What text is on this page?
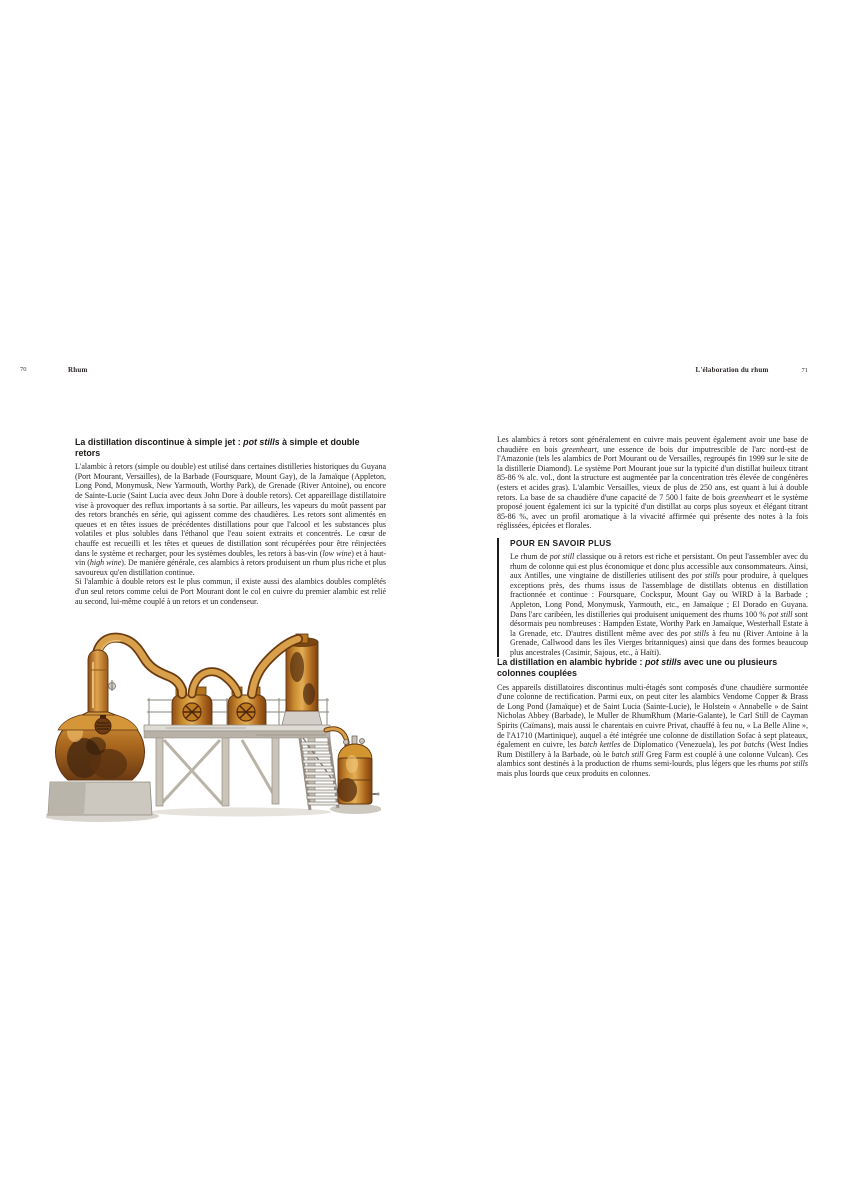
70	Rhum	L'élaboration du rhum	71
La distillation discontinue à simple jet : pot stills à simple et double retors

L'alambic à retors (simple ou double) est utilisé dans certaines distilleries historiques du Guyana (Port Mourant, Versailles), de la Barbade (Foursquare, Mount Gay), de la Jamaïque (Appleton, Long Pond, Monymusk, New Yarmouth, Worthy Park), de Grenade (River Antoine), ou encore de Sainte-Lucie (Saint Lucia avec deux John Dore à double retors). Cet appareillage distillatoire vise à provoquer des reflux importants à sa sortie. Par ailleurs, les vapeurs du moût passent par des retors branchés en série, qui agissent comme des chaudières. Les retors sont alimentés en queues et en têtes issues de précédentes distillations pour que l'alcool et les substances plus volatiles et plus solubles dans l'éthanol que l'eau soient extraits et concentrés. Le cœur de chauffe est recueilli et les têtes et queues de distillation sont récupérées pour être réinjectées dans le système et recharger, pour les systèmes doubles, les retors à bas-vin (low wine) et à haut-vin (high wine). De manière générale, ces alambics à retors produisent un rhum plus riche et plus savoureux qu'en distillation continue.

Si l'alambic à double retors est le plus commun, il existe aussi des alambics doubles complétés d'un seul retors comme celui de Port Mourant dont le col en cuivre du premier alambic est relié au second, lui-même couplé à un retors et un condenseur.

Les alambics à retors sont généralement en cuivre mais peuvent également avoir une base de chaudière en bois greenheart, une essence de bois dur imputrescible de l'arc nord-est de l'Amazonie (tels les alambics de Port Mourant ou de Versailles, regroupés fin 1999 sur le site de la distillerie Diamond). Le système Port Mourant joue sur la typicité d'un distillat huileux titrant 85-86 % alc. vol., dont la structure est augmentée par la concentration très élevée de congénères (esters et acides gras). L'alambic Versailles, vieux de plus de 250 ans, est quant à lui à double retors. La base de sa chaudière d'une capacité de 7 500 l faite de bois greenheart et le système proposé jouent également ici sur la typicité d'un distillat au corps plus soyeux et élégant titrant 85-86 %, avec un profil aromatique à la vivacité affirmée qui présente des notes à la fois réglissées, épicées et florales.

POUR EN SAVOIR PLUS

Le rhum de pot still classique ou à retors est riche et persistant. On peut l'assembler avec du rhum de colonne qui est plus économique et donc plus accessible aux consommateurs. Ainsi, aux Antilles, une vingtaine de distilleries utilisent des pot stills pour produire, à quelques exceptions près, des rhums issus de l'assemblage de distillats obtenus en distillation fractionnée et continue : Foursquare, Cockspur, Mount Gay ou WIRD à la Barbade ; Appleton, Long Pond, Monymusk, Yarmouth, etc., en Jamaïque ; El Dorado en Guyana. Dans l'arc caribéen, les distilleries qui produisent uniquement des rhums 100 % pot still sont désormais peu nombreuses : Hampden Estate, Worthy Park en Jamaïque, Westerhall Estate à la Grenade, etc. D'autres distillent même avec des pot stills à feu nu (River Antoine à la Grenade, Callwood dans les îles Vierges britanniques) ainsi que dans des formes beaucoup plus ancestrales (Casimir, Sajous, etc., à Haïti).

La distillation en alambic hybride : pot stills avec une ou plusieurs colonnes couplées

Ces appareils distillatoires discontinus multi-étagés sont composés d'une chaudière surmontée d'une colonne de rectification. Parmi eux, on peut citer les alambics Vendome Copper & Brass de Long Pond (Jamaïque) et de Saint Lucia (Sainte-Lucie), le Holstein « Annabelle » de Saint Nicholas Abbey (Barbade), le Muller de RhumRhum (Marie-Galante), le Carl Still de Cayman Spirits (Caïmans), mais aussi le charentais en cuivre Privat, chauffé à feu nu, « La Belle Aline », de l'A1710 (Martinique), auquel a été intégrée une colonne de distillation Sofac à sept plateaux, également en cuivre, les batch kettles de Diplomatico (Venezuela), les pot batchs (West Indies Rum Distillery à la Barbade, où le batch still Greg Farm est couplé à une colonne Vulcan). Ces alambics sont destinés à la production de rhums semi-lourds, plus légers que les rhums pot stills mais plus lourds que ceux produits en colonnes.
